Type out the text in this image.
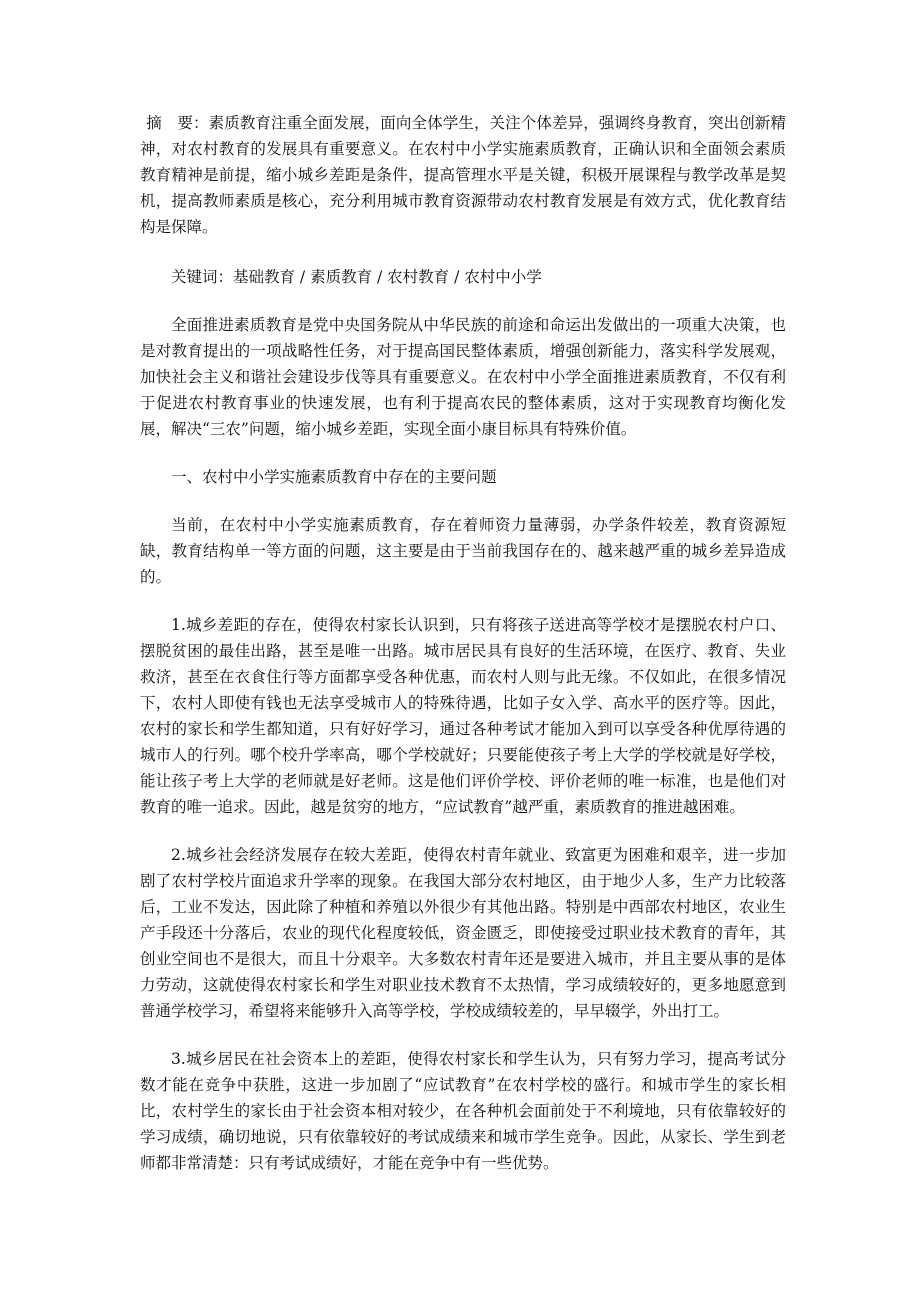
摘　要：素质教育注重全面发展，面向全体学生，关注个体差异，强调终身教育，突出创新精神，对农村教育的发展具有重要意义。在农村中小学实施素质教育，正确认识和全面领会素质教育精神是前提，缩小城乡差距是条件，提高管理水平是关键，积极开展课程与教学改革是契机，提高教师素质是核心，充分利用城市教育资源带动农村教育发展是有效方式，优化教育结构是保障。

关键词：基础教育 / 素质教育 / 农村教育 / 农村中小学

全面推进素质教育是党中央国务院从中华民族的前途和命运出发做出的一项重大决策，也是对教育提出的一项战略性任务，对于提高国民整体素质，增强创新能力，落实科学发展观，加快社会主义和谐社会建设步伐等具有重要意义。在农村中小学全面推进素质教育，不仅有利于促进农村教育事业的快速发展，也有利于提高农民的整体素质，这对于实现教育均衡化发展，解决“三农”问题，缩小城乡差距，实现全面小康目标具有特殊价值。

一、农村中小学实施素质教育中存在的主要问题

当前，在农村中小学实施素质教育，存在着师资力量薄弱，办学条件较差，教育资源短缺，教育结构单一等方面的问题，这主要是由于当前我国存在的、越来越严重的城乡差异造成的。

1.城乡差距的存在，使得农村家长认识到，只有将孩子送进高等学校才是摆脱农村户口、摆脱贫困的最佳出路，甚至是唯一出路。城市居民具有良好的生活环境，在医疗、教育、失业救济，甚至在衣食住行等方面都享受各种优惠，而农村人则与此无缘。不仅如此，在很多情况下，农村人即使有钱也无法享受城市人的特殊待遇，比如子女入学、高水平的医疗等。因此，农村的家长和学生都知道，只有好好学习，通过各种考试才能加入到可以享受各种优厚待遇的城市人的行列。哪个校升学率高，哪个学校就好；只要能使孩子考上大学的学校就是好学校，能让孩子考上大学的老师就是好老师。这是他们评价学校、评价老师的唯一标准，也是他们对教育的唯一追求。因此，越是贫穷的地方，“应试教育”越严重，素质教育的推进越困难。

2.城乡社会经济发展存在较大差距，使得农村青年就业、致富更为困难和艰辛，进一步加剧了农村学校片面追求升学率的现象。在我国大部分农村地区，由于地少人多，生产力比较落后，工业不发达，因此除了种植和养殖以外很少有其他出路。特别是中西部农村地区，农业生产手段还十分落后，农业的现代化程度较低，资金匮乏，即使接受过职业技术教育的青年，其创业空间也不是很大，而且十分艰辛。大多数农村青年还是要进入城市，并且主要从事的是体力劳动，这就使得农村家长和学生对职业技术教育不太热情，学习成绩较好的，更多地愿意到普通学校学习，希望将来能够升入高等学校，学校成绩较差的，早早辍学，外出打工。

3.城乡居民在社会资本上的差距，使得农村家长和学生认为，只有努力学习，提高考试分数才能在竞争中获胜，这进一步加剧了“应试教育”在农村学校的盛行。和城市学生的家长相比，农村学生的家长由于社会资本相对较少，在各种机会面前处于不利境地，只有依靠较好的学习成绩，确切地说，只有依靠较好的考试成绩来和城市学生竞争。因此，从家长、学生到老师都非常清楚：只有考试成绩好，才能在竞争中有一些优势。
